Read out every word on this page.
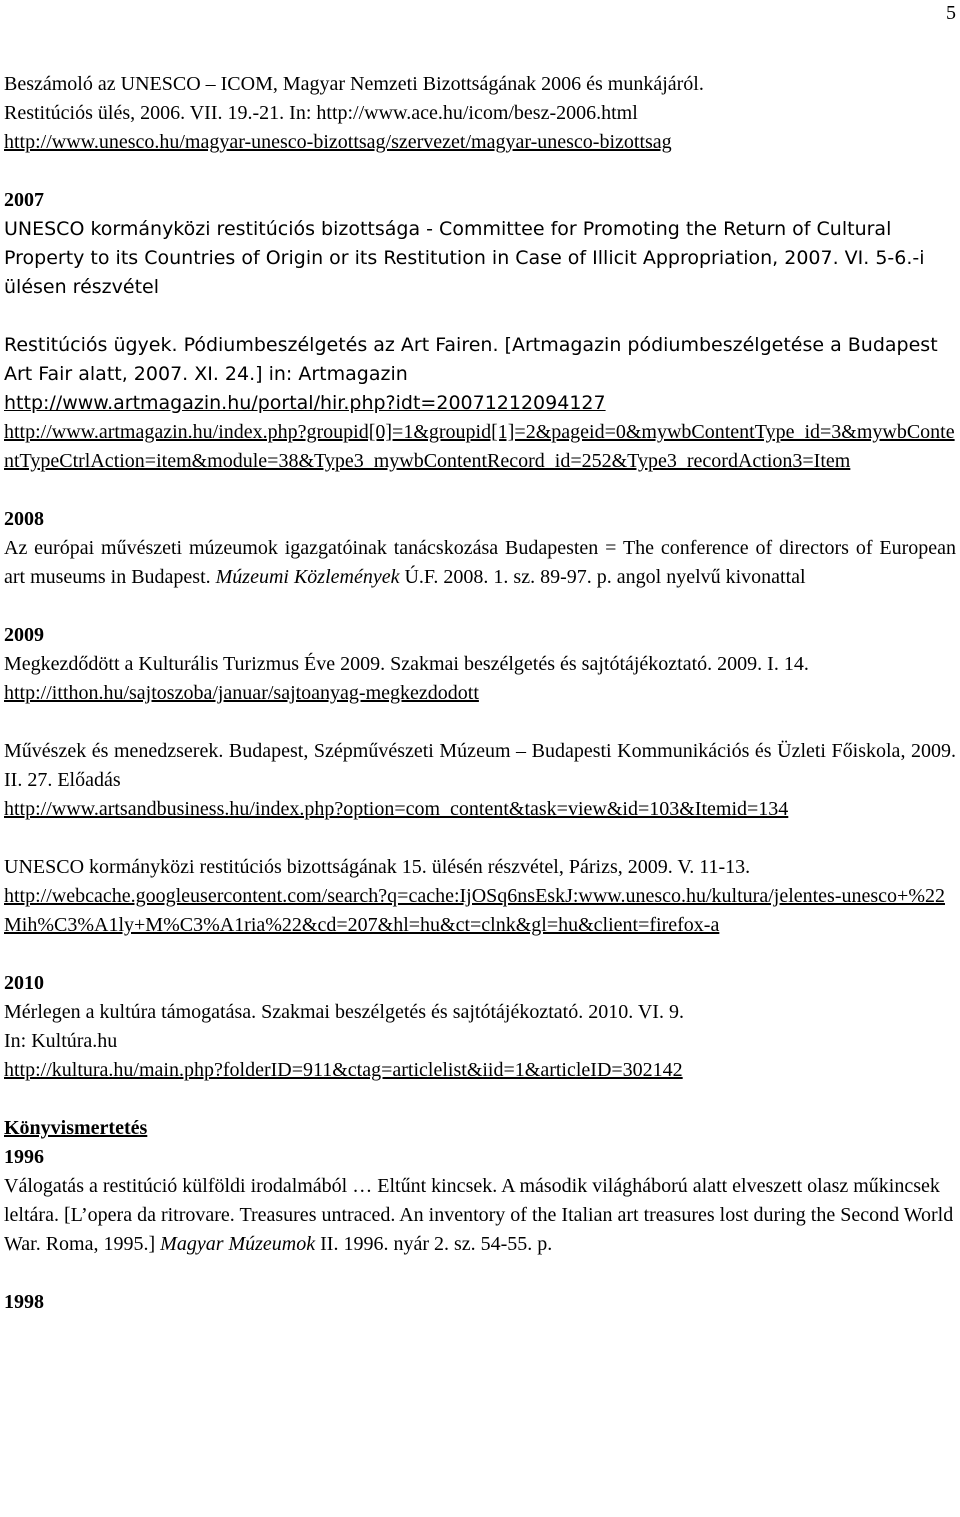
5

Beszámoló az UNESCO – ICOM, Magyar Nemzeti Bizottságának 2006 és munkájáról.

Restitúciós ülés, 2006. VII. 19.-21. In: http://www.ace.hu/icom/besz-2006.html

http://www.unesco.hu/magyar-unesco-bizottsag/szervezet/magyar-unesco-bizottsag

2007

UNESCO kormányközi restitúciós bizottsága - Committee for Promoting the Return of Cultural Property to its Countries of Origin or its Restitution in Case of Illicit Appropriation, 2007. VI. 5-6.-i ülésen részvétel

Restitúciós ügyek. Pódiumbeszélgetés az Art Fairen. [Artmagazin pódiumbeszélgetése a Budapest Art Fair alatt, 2007. XI. 24.] in: Artmagazin

http://www.artmagazin.hu/portal/hir.php?idt=20071212094127

http://www.artmagazin.hu/index.php?groupid[0]=1&groupid[1]=2&pageid=0&mywbContentType_id=3&mywbContentTypeCtrlAction=item&module=38&Type3_mywbContentRecord_id=252&Type3_recordAction3=Item

2008

Az európai művészeti múzeumok igazgatóinak tanácskozása Budapesten = The conference of directors of European art museums in Budapest. Múzeumi Közlemények Ú.F. 2008. 1. sz. 89-97. p. angol nyelvű kivonattal

2009

Megkezdődött a Kulturális Turizmus Éve 2009. Szakmai beszélgetés és sajtótájékoztató. 2009. I. 14.

http://itthon.hu/sajtoszoba/januar/sajtoanyag-megkezdodott

Művészek és menedzserek. Budapest, Szépművészeti Múzeum – Budapesti Kommunikációs és Üzleti Főiskola, 2009. II. 27. Előadás

http://www.artsandbusiness.hu/index.php?option=com_content&task=view&id=103&Itemid=134

UNESCO kormányközi restitúciós bizottságának 15. ülésén részvétel, Párizs, 2009. V. 11-13.

http://webcache.googleusercontent.com/search?q=cache:IjOSq6nsEskJ:www.unesco.hu/kultura/jelentes-unesco+%22Mih%C3%A1ly+M%C3%A1ria%22&cd=207&hl=hu&ct=clnk&gl=hu&client=firefox-a

2010

Mérlegen a kultúra támogatása. Szakmai beszélgetés és sajtótájékoztató. 2010. VI. 9.

In: Kultúra.hu

http://kultura.hu/main.php?folderID=911&ctag=articlelist&iid=1&articleID=302142

Könyvismertetés

1996

Válogatás a restitúció külföldi irodalmából … Eltűnt kincsek. A második világháború alatt elveszett olasz műkincsek leltára. [L’opera da ritrovare. Treasures untraced. An inventory of the Italian art treasures lost during the Second World War. Roma, 1995.] Magyar Múzeumok II. 1996. nyár 2. sz. 54-55. p.

1998
